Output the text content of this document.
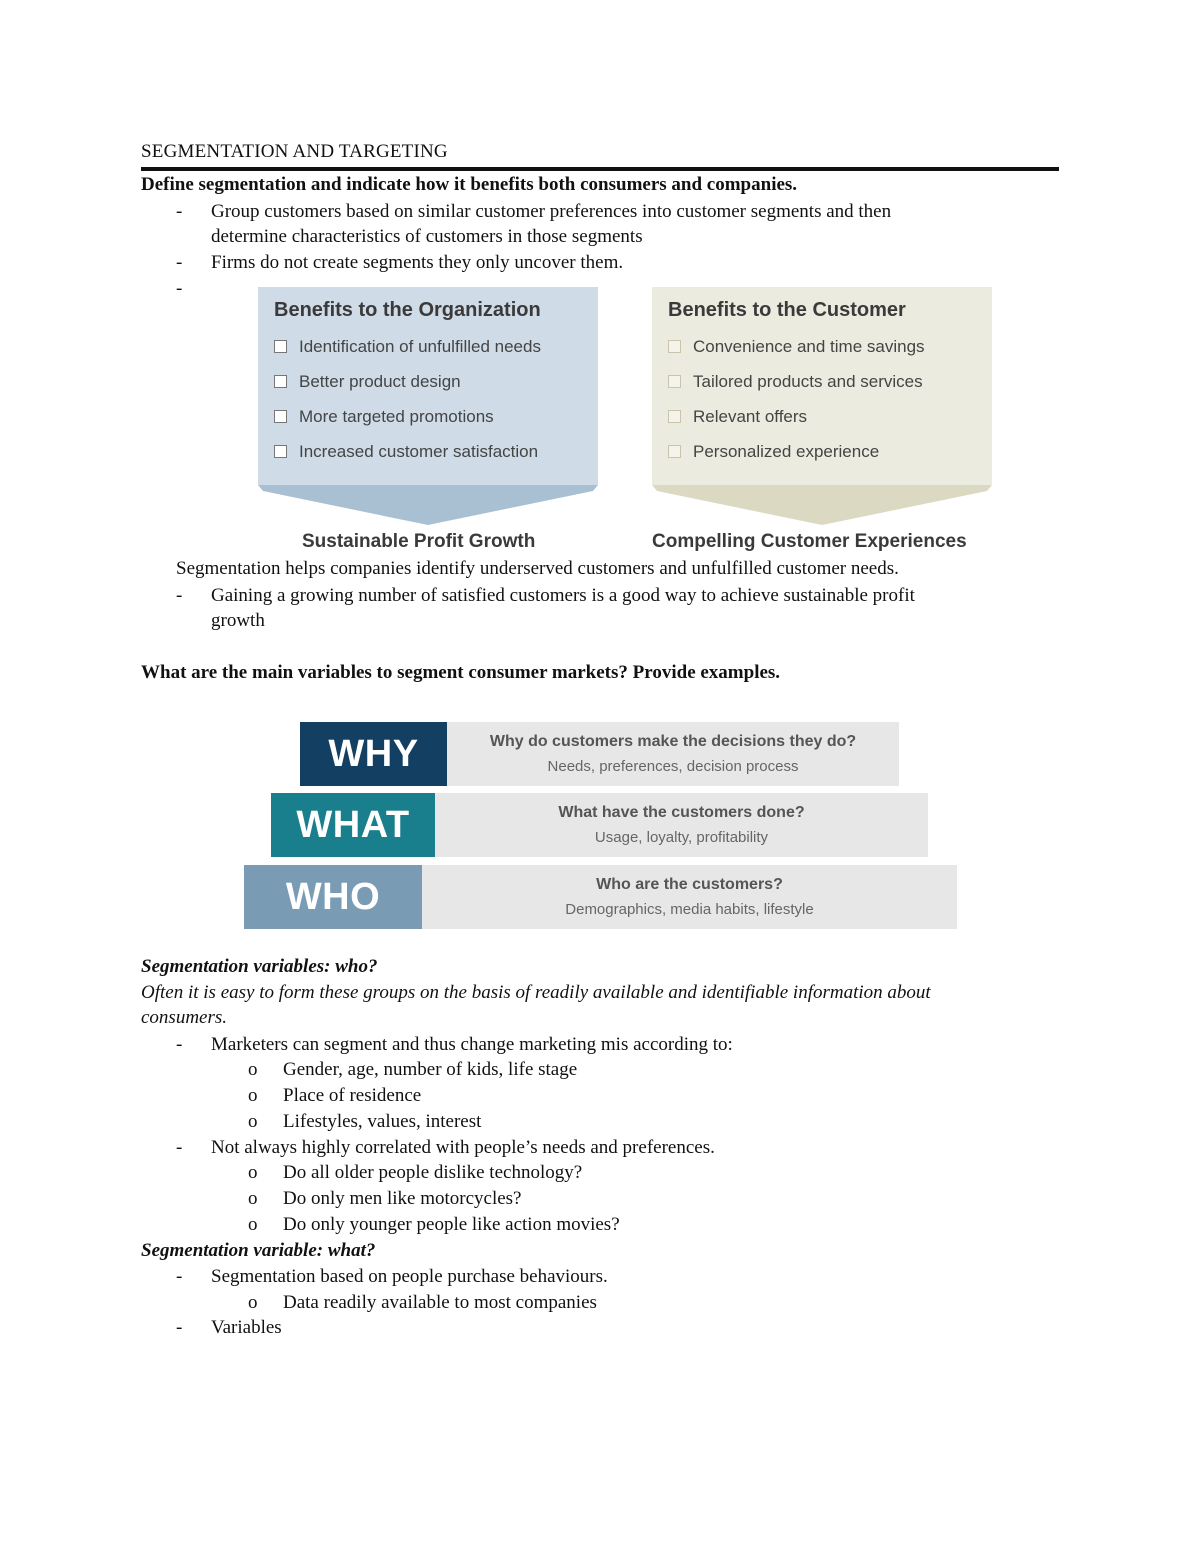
SEGMENTATION AND TARGETING
Define segmentation and indicate how it benefits both consumers and companies.
- Group customers based on similar customer preferences into customer segments and then
determine characteristics of customers in those segments
- Firms do not create segments they only uncover them.
-
Benefits to the Organization
Identification of unfulfilled needs
Better product design
More targeted promotions
Increased customer satisfaction
Benefits to the Customer
Convenience and time savings
Tailored products and services
Relevant offers
Personalized experience
Sustainable Profit Growth	Compelling Customer Experiences
Segmentation helps companies identify underserved customers and unfulfilled customer needs.
- Gaining a growing number of satisfied customers is a good way to achieve sustainable profit
growth
What are the main variables to segment consumer markets? Provide examples.
WHY	Why do customers make the decisions they do?
Needs, preferences, decision process
WHAT	What have the customers done?
Usage, loyalty, profitability
WHO	Who are the customers?
Demographics, media habits, lifestyle
Segmentation variables: who?
Often it is easy to form these groups on the basis of readily available and identifiable information about
consumers.
- Marketers can segment and thus change marketing mis according to:
o Gender, age, number of kids, life stage
o Place of residence
o Lifestyles, values, interest
- Not always highly correlated with people’s needs and preferences.
o Do all older people dislike technology?
o Do only men like motorcycles?
o Do only younger people like action movies?
Segmentation variable: what?
- Segmentation based on people purchase behaviours.
o Data readily available to most companies
- Variables
